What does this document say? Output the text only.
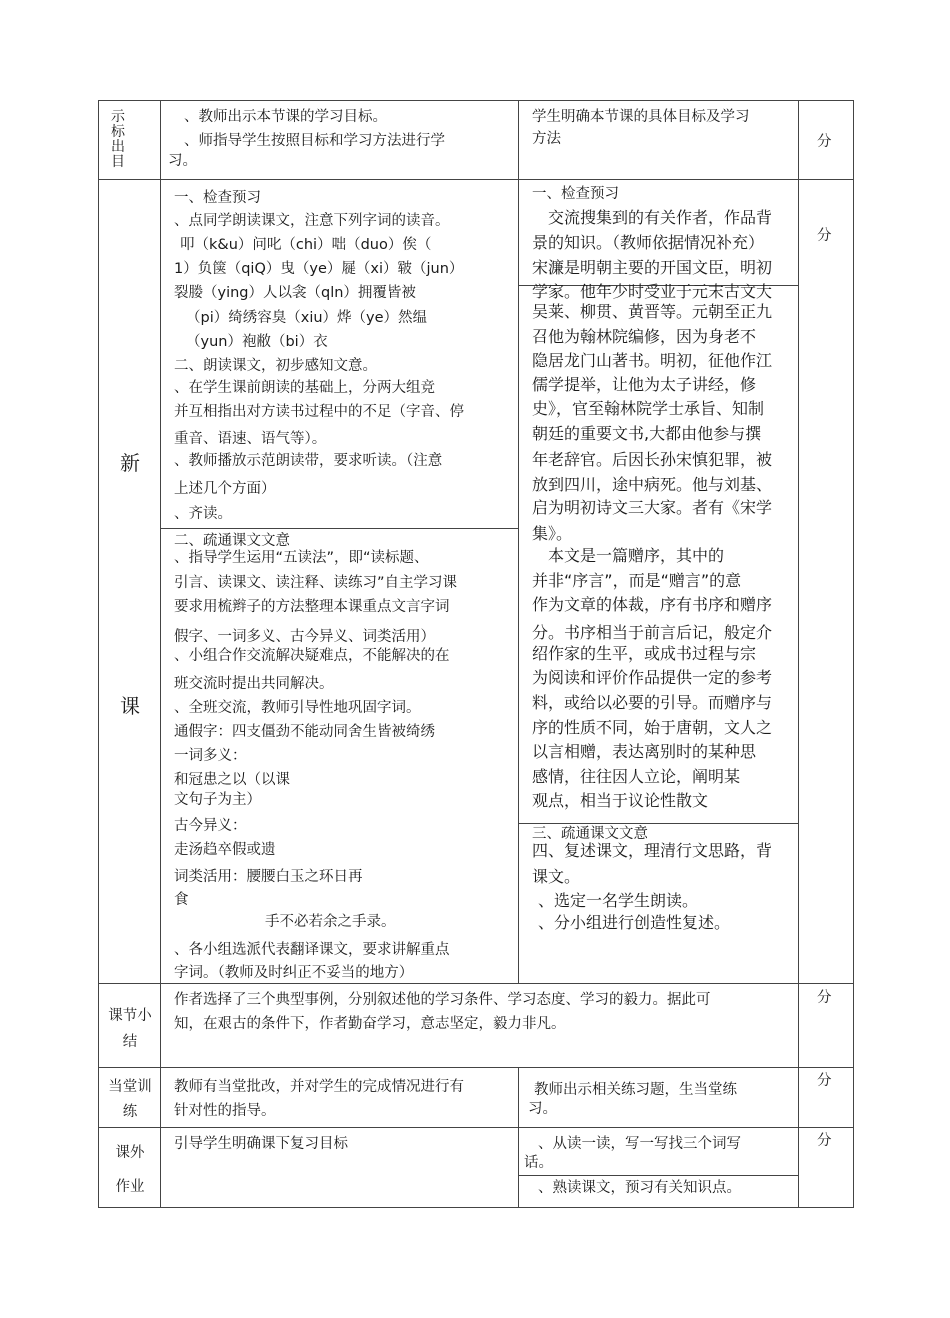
示标出目
、教师出示本节课的学习目标。
、师指导学生按照目标和学习方法进行学
习。
学生明确本节课的具体目标及学习
方法	分
新
课
分
一、检查预习
、点同学朗读课文，注意下列字词的读音。
叩（k&u）问叱（chi）咄（duo）俟（
1）负箧（qiQ）曳（ye）屣（xi）皲（jun）
裂媵（ying）人以衾（qln）拥覆皆被
（pi）绮绣容臭（xiu）烨（ye）然缊
（yun）袍敝（bi）衣
二、朗读课文，初步感知文意。
、在学生课前朗读的基础上，分两大组竞
并互相指出对方读书过程中的不足（字音、停
重音、语速、语气等）。
、教师播放示范朗读带，要求听读。（注意
上述几个方面）
、齐读。
二、疏通课文文意
、指导学生运用“五读法”，即“读标题、
引言、读课文、读注释、读练习”自主学习课
要求用梳辫子的方法整理本课重点文言字词
假字、一词多义、古今异义、词类活用）
、小组合作交流解决疑难点，不能解决的在
班交流时提出共同解决。
、全班交流，教师引导性地巩固字词。
通假字：四支僵劲不能动同舍生皆被绮绣
一词多义：
和冠患之以（以课
文句子为主）
古今异义：
走汤趋卒假或遗
词类活用：腰腰白玉之环日再
食
手不必若余之手录。
、各小组选派代表翻译课文，要求讲解重点
字词。（教师及时纠正不妥当的地方）
一、检查预习
交流搜集到的有关作者，作品背
景的知识。（教师依据情况补充）
宋濂是明朝主要的开国文臣，明初
学家。他年少时受业于元末古文大
吴莱、柳贯、黄晋等。元朝至正九
召他为翰林院编修，因为身老不
隐居龙门山著书。明初，征他作江
儒学提举，让他为太子讲经，修
史》，官至翰林院学士承旨、知制
朝廷的重要文书,大都由他参与撰
年老辞官。后因长孙宋慎犯罪，被
放到四川，途中病死。他与刘基、
启为明初诗文三大家。者有《宋学
集》。
本文是一篇赠序，其中的
并非“序言”，而是“赠言”的意
作为文章的体裁，序有书序和赠序
分。书序相当于前言后记，般定介
绍作家的生平，或成书过程与宗
为阅读和评价作品提供一定的参考
料，或给以必要的引导。而赠序与
序的性质不同，始于唐朝，文人之
以言相赠，表达离别时的某种思
感情，往往因人立论，阐明某
观点，相当于议论性散文
三、疏通课文文意
四、复述课文，理清行文思路，背
课文。
、选定一名学生朗读。
、分小组进行创造性复述。
课节小
结
作者选择了三个典型事例，分别叙述他的学习条件、学习态度、学习的毅力。据此可
知，在艰古的条件下，作者勤奋学习，意志坚定，毅力非凡。
分
当堂训
练
教师有当堂批改，并对学生的完成情况进行有
针对性的指导。
教师出示相关练习题，生当堂练
习。
分
课外
作业
引导学生明确课下复习目标	、从读一读，写一写找三个词写
话。
、熟读课文，预习有关知识点。
分
